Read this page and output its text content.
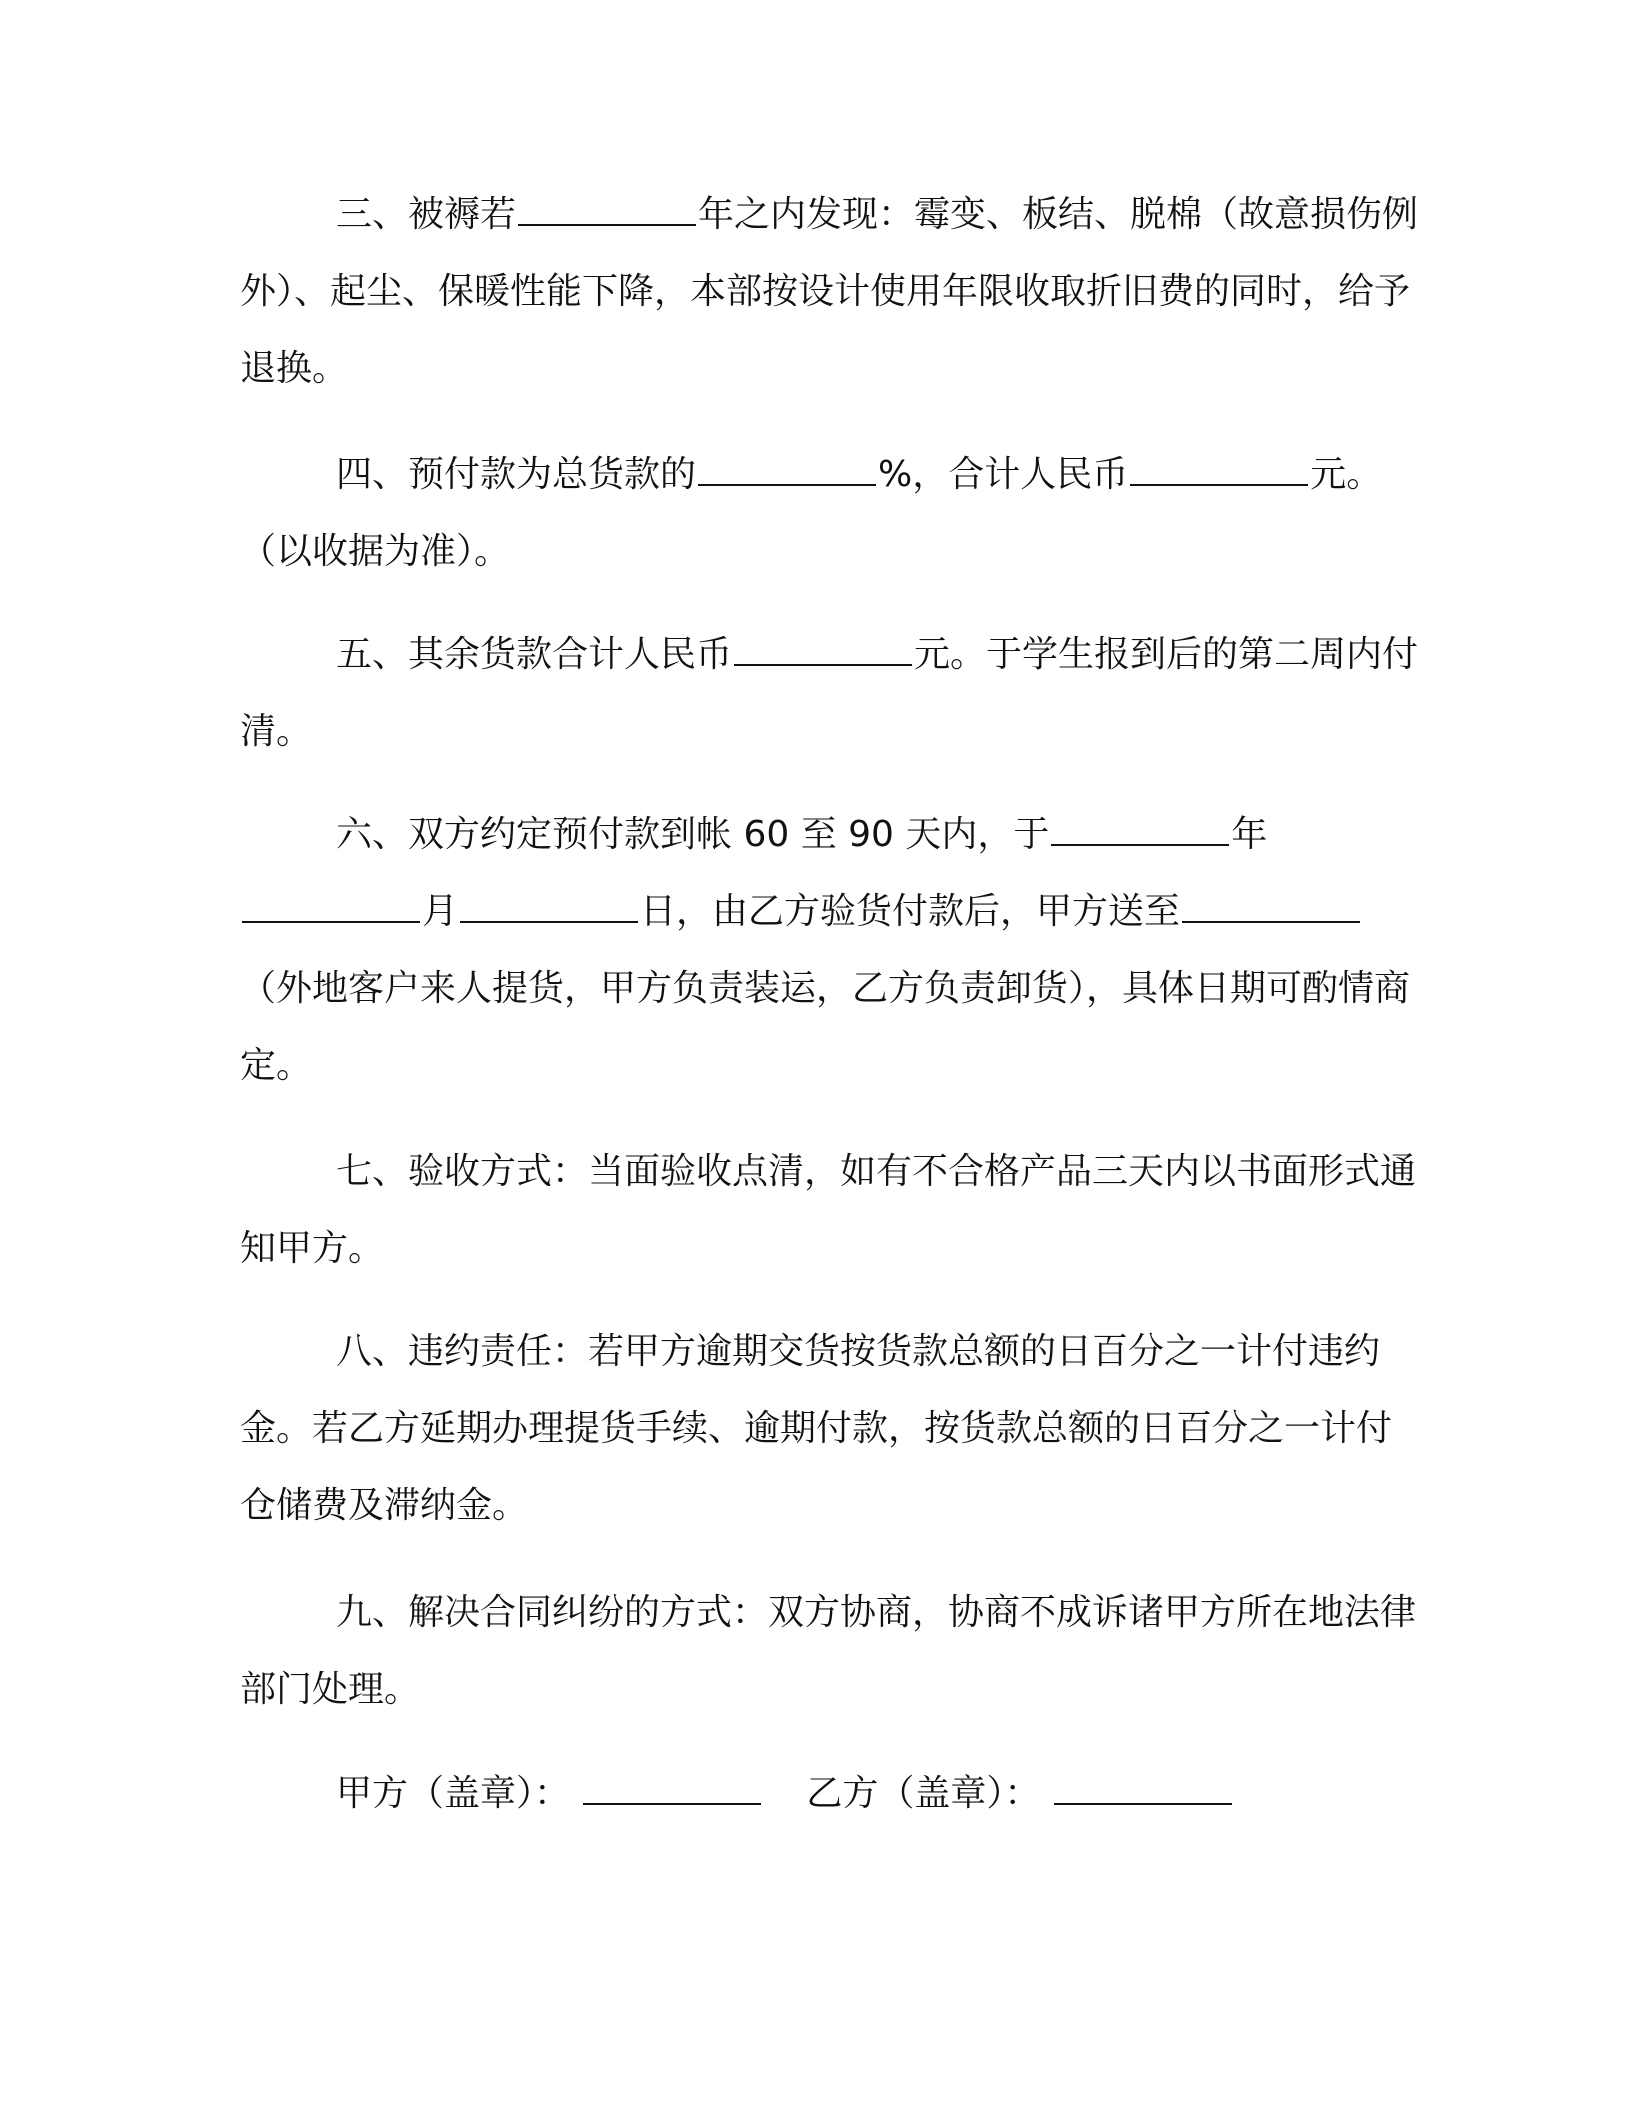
三、被褥若	年之内发现：霉变、板结、脱棉（故意损伤例外）、起尘、保暖性能下降，本部按设计使用年限收取折旧费的同时，给予退换。

四、预付款为总货款的	%，合计人民币	元。（以收据为准）。

五、其余货款合计人民币	元。于学生报到后的第二周内付清。

六、双方约定预付款到帐 60 至 90 天内，于	年月	日，由乙方验货付款后，甲方送至（外地客户来人提货，甲方负责装运，乙方负责卸货），具体日期可酌情商定。

七、验收方式：当面验收点清，如有不合格产品三天内以书面形式通知甲方。

八、违约责任：若甲方逾期交货按货款总额的日百分之一计付违约金。若乙方延期办理提货手续、逾期付款，按货款总额的日百分之一计付仓储费及滞纳金。

九、解决合同纠纷的方式：双方协商，协商不成诉诸甲方所在地法律部门处理。

甲方（盖章）：	乙方（盖章）：
